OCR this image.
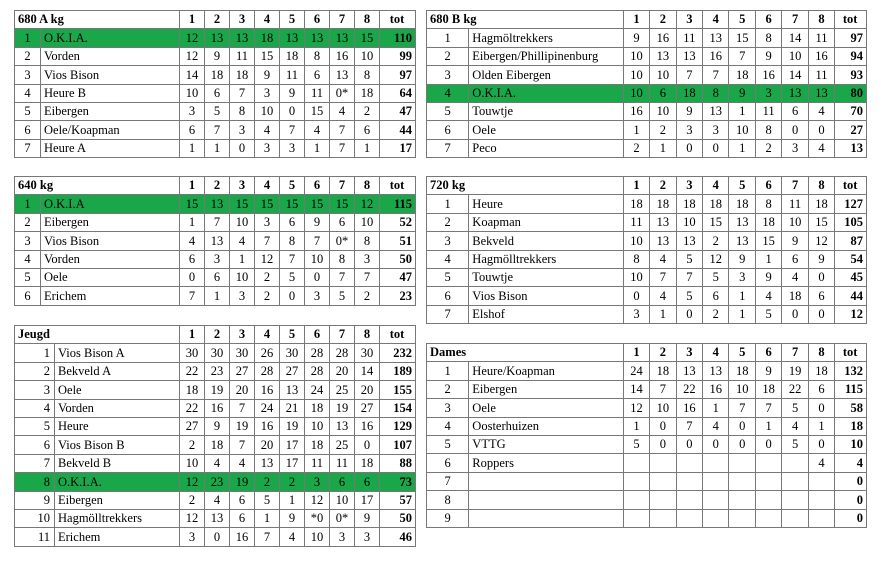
680 A kg		1	2	3	4	5	6	7	8	tot
1	O.K.I.A.	12	13	13	18	13	13	13	15	110
2	Vorden	12	9	11	15	18	8	16	10	99
3	Vios Bison	14	18	18	9	11	6	13	8	97
4	Heure B	10	6	7	3	9	11	0*	18	64
5	Eibergen	3	5	8	10	0	15	4	2	47
6	Oele/Koapman	6	7	3	4	7	4	7	6	44
7	Heure A	1	1	0	3	3	1	7	1	17
680 B kg		1	2	3	4	5	6	7	8	tot
1	Hagmöltrekkers	9	16	11	13	15	8	14	11	97
2	Eibergen/Phillipinenburg	10	13	13	16	7	9	10	16	94
3	Olden Eibergen	10	10	7	7	18	16	14	11	93
4	O.K.I.A.	10	6	18	8	9	3	13	13	80
5	Touwtje	16	10	9	13	1	11	6	4	70
6	Oele	1	2	3	3	10	8	0	0	27
7	Peco	2	1	0	0	1	2	3	4	13
640 kg		1	2	3	4	5	6	7	8	tot
1	O.K.I.A	15	13	15	15	15	15	15	12	115
2	Eibergen	1	7	10	3	6	9	6	10	52
3	Vios Bison	4	13	4	7	8	7	0*	8	51
4	Vorden	6	3	1	12	7	10	8	3	50
5	Oele	0	6	10	2	5	0	7	7	47
6	Erichem	7	1	3	2	0	3	5	2	23
720 kg		1	2	3	4	5	6	7	8	tot
1	Heure	18	18	18	18	18	8	11	18	127
2	Koapman	11	13	10	15	13	18	10	15	105
3	Bekveld	10	13	13	2	13	15	9	12	87
4	Hagmölltrekkers	8	4	5	12	9	1	6	9	54
5	Touwtje	10	7	7	5	3	9	4	0	45
6	Vios Bison	0	4	5	6	1	4	18	6	44
7	Elshof	3	1	0	2	1	5	0	0	12
Jeugd		1	2	3	4	5	6	7	8	tot
1	Vios Bison A	30	30	30	26	30	28	28	30	232
2	Bekveld A	22	23	27	28	27	28	20	14	189
3	Oele	18	19	20	16	13	24	25	20	155
4	Vorden	22	16	7	24	21	18	19	27	154
5	Heure	27	9	19	16	19	10	13	16	129
6	Vios Bison B	2	18	7	20	17	18	25	0	107
7	Bekveld B	10	4	4	13	17	11	11	18	88
8	O.K.I.A.	12	23	19	2	2	3	6	6	73
9	Eibergen	2	4	6	5	1	12	10	17	57
10	Hagmölltrekkers	12	13	6	1	9	*0	0*	9	50
11	Erichem	3	0	16	7	4	10	3	3	46
Dames		1	2	3	4	5	6	7	8	tot
1	Heure/Koapman	24	18	13	13	18	9	19	18	132
2	Eibergen	14	7	22	16	10	18	22	6	115
3	Oele	12	10	16	1	7	7	5	0	58
4	Oosterhuizen	1	0	7	4	0	1	4	1	18
5	VTTG	5	0	0	0	0	0	5	0	10
6	Roppers								4	4
7										0
8										0
9										0
